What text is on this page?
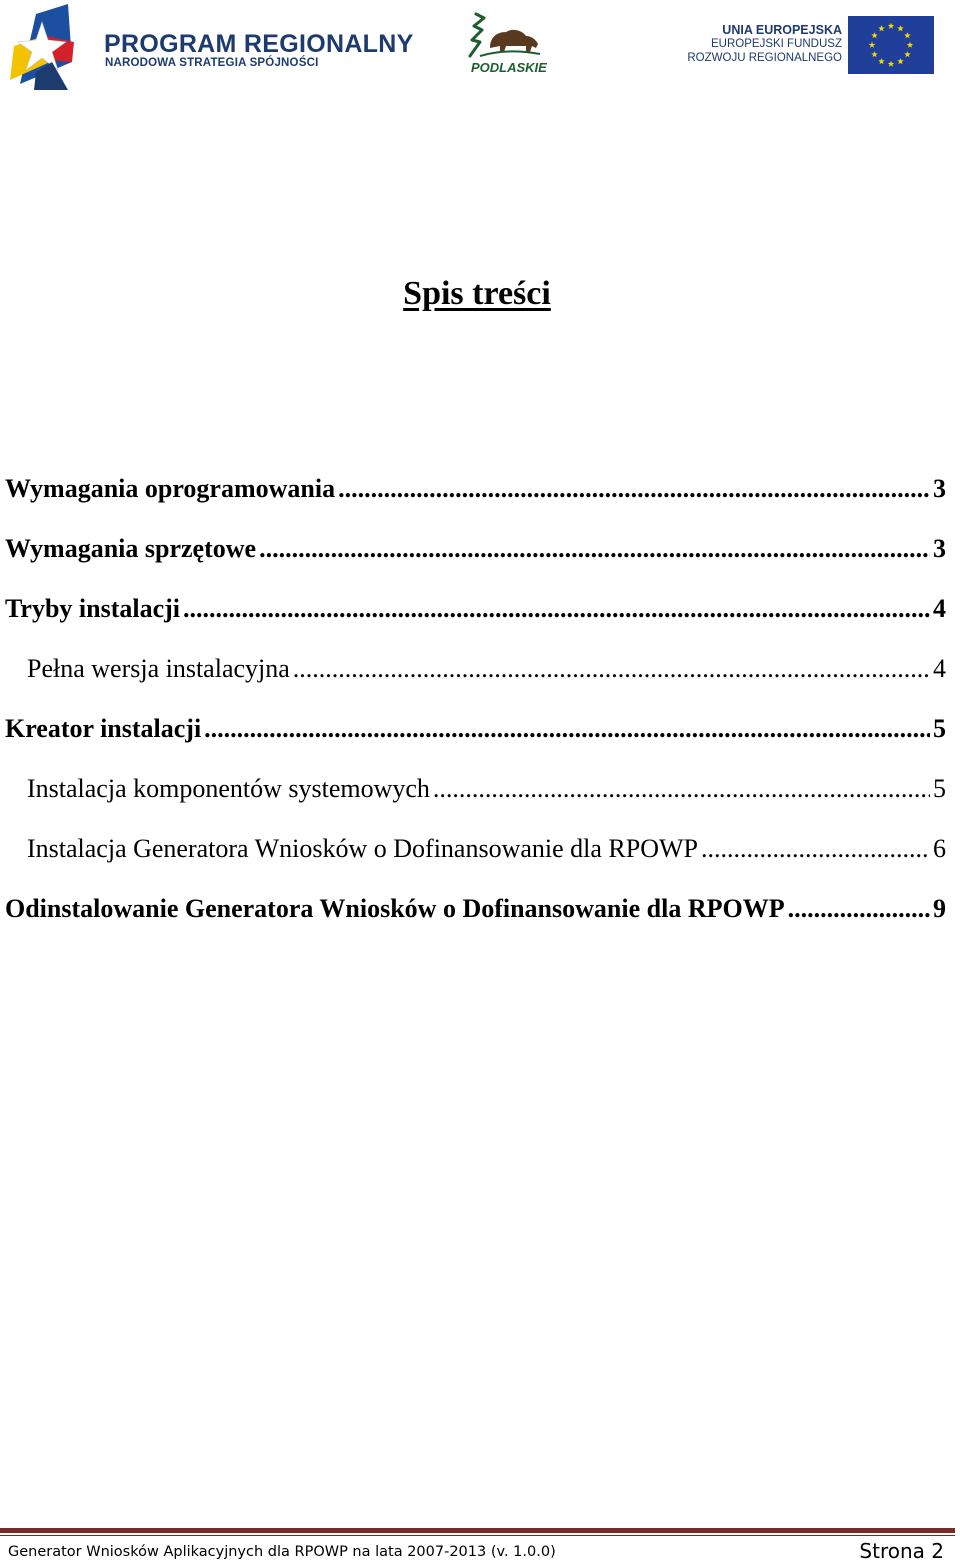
PROGRAM REGIONALNY
NARODOWA STRATEGIA SPÓJNOŚCI	PODLASKIE
UNIA EUROPEJSKA
EUROPEJSKI FUNDUSZ
ROZWOJU REGIONALNEGO
Spis treści
Wymagania oprogramowania .....	3
Wymagania sprzętowe .....	3
Tryby instalacji .....	4
Pełna wersja instalacyjna .....	4
Kreator instalacji .....	5
Instalacja komponentów systemowych .....	5
Instalacja Generatora Wniosków o Dofinansowanie dla RPOWP .....	6
Odinstalowanie Generatora Wniosków o Dofinansowanie dla RPOWP .....	9
Generator Wniosków Aplikacyjnych dla RPOWP na lata 2007-2013 (v. 1.0.0)	Strona 2
